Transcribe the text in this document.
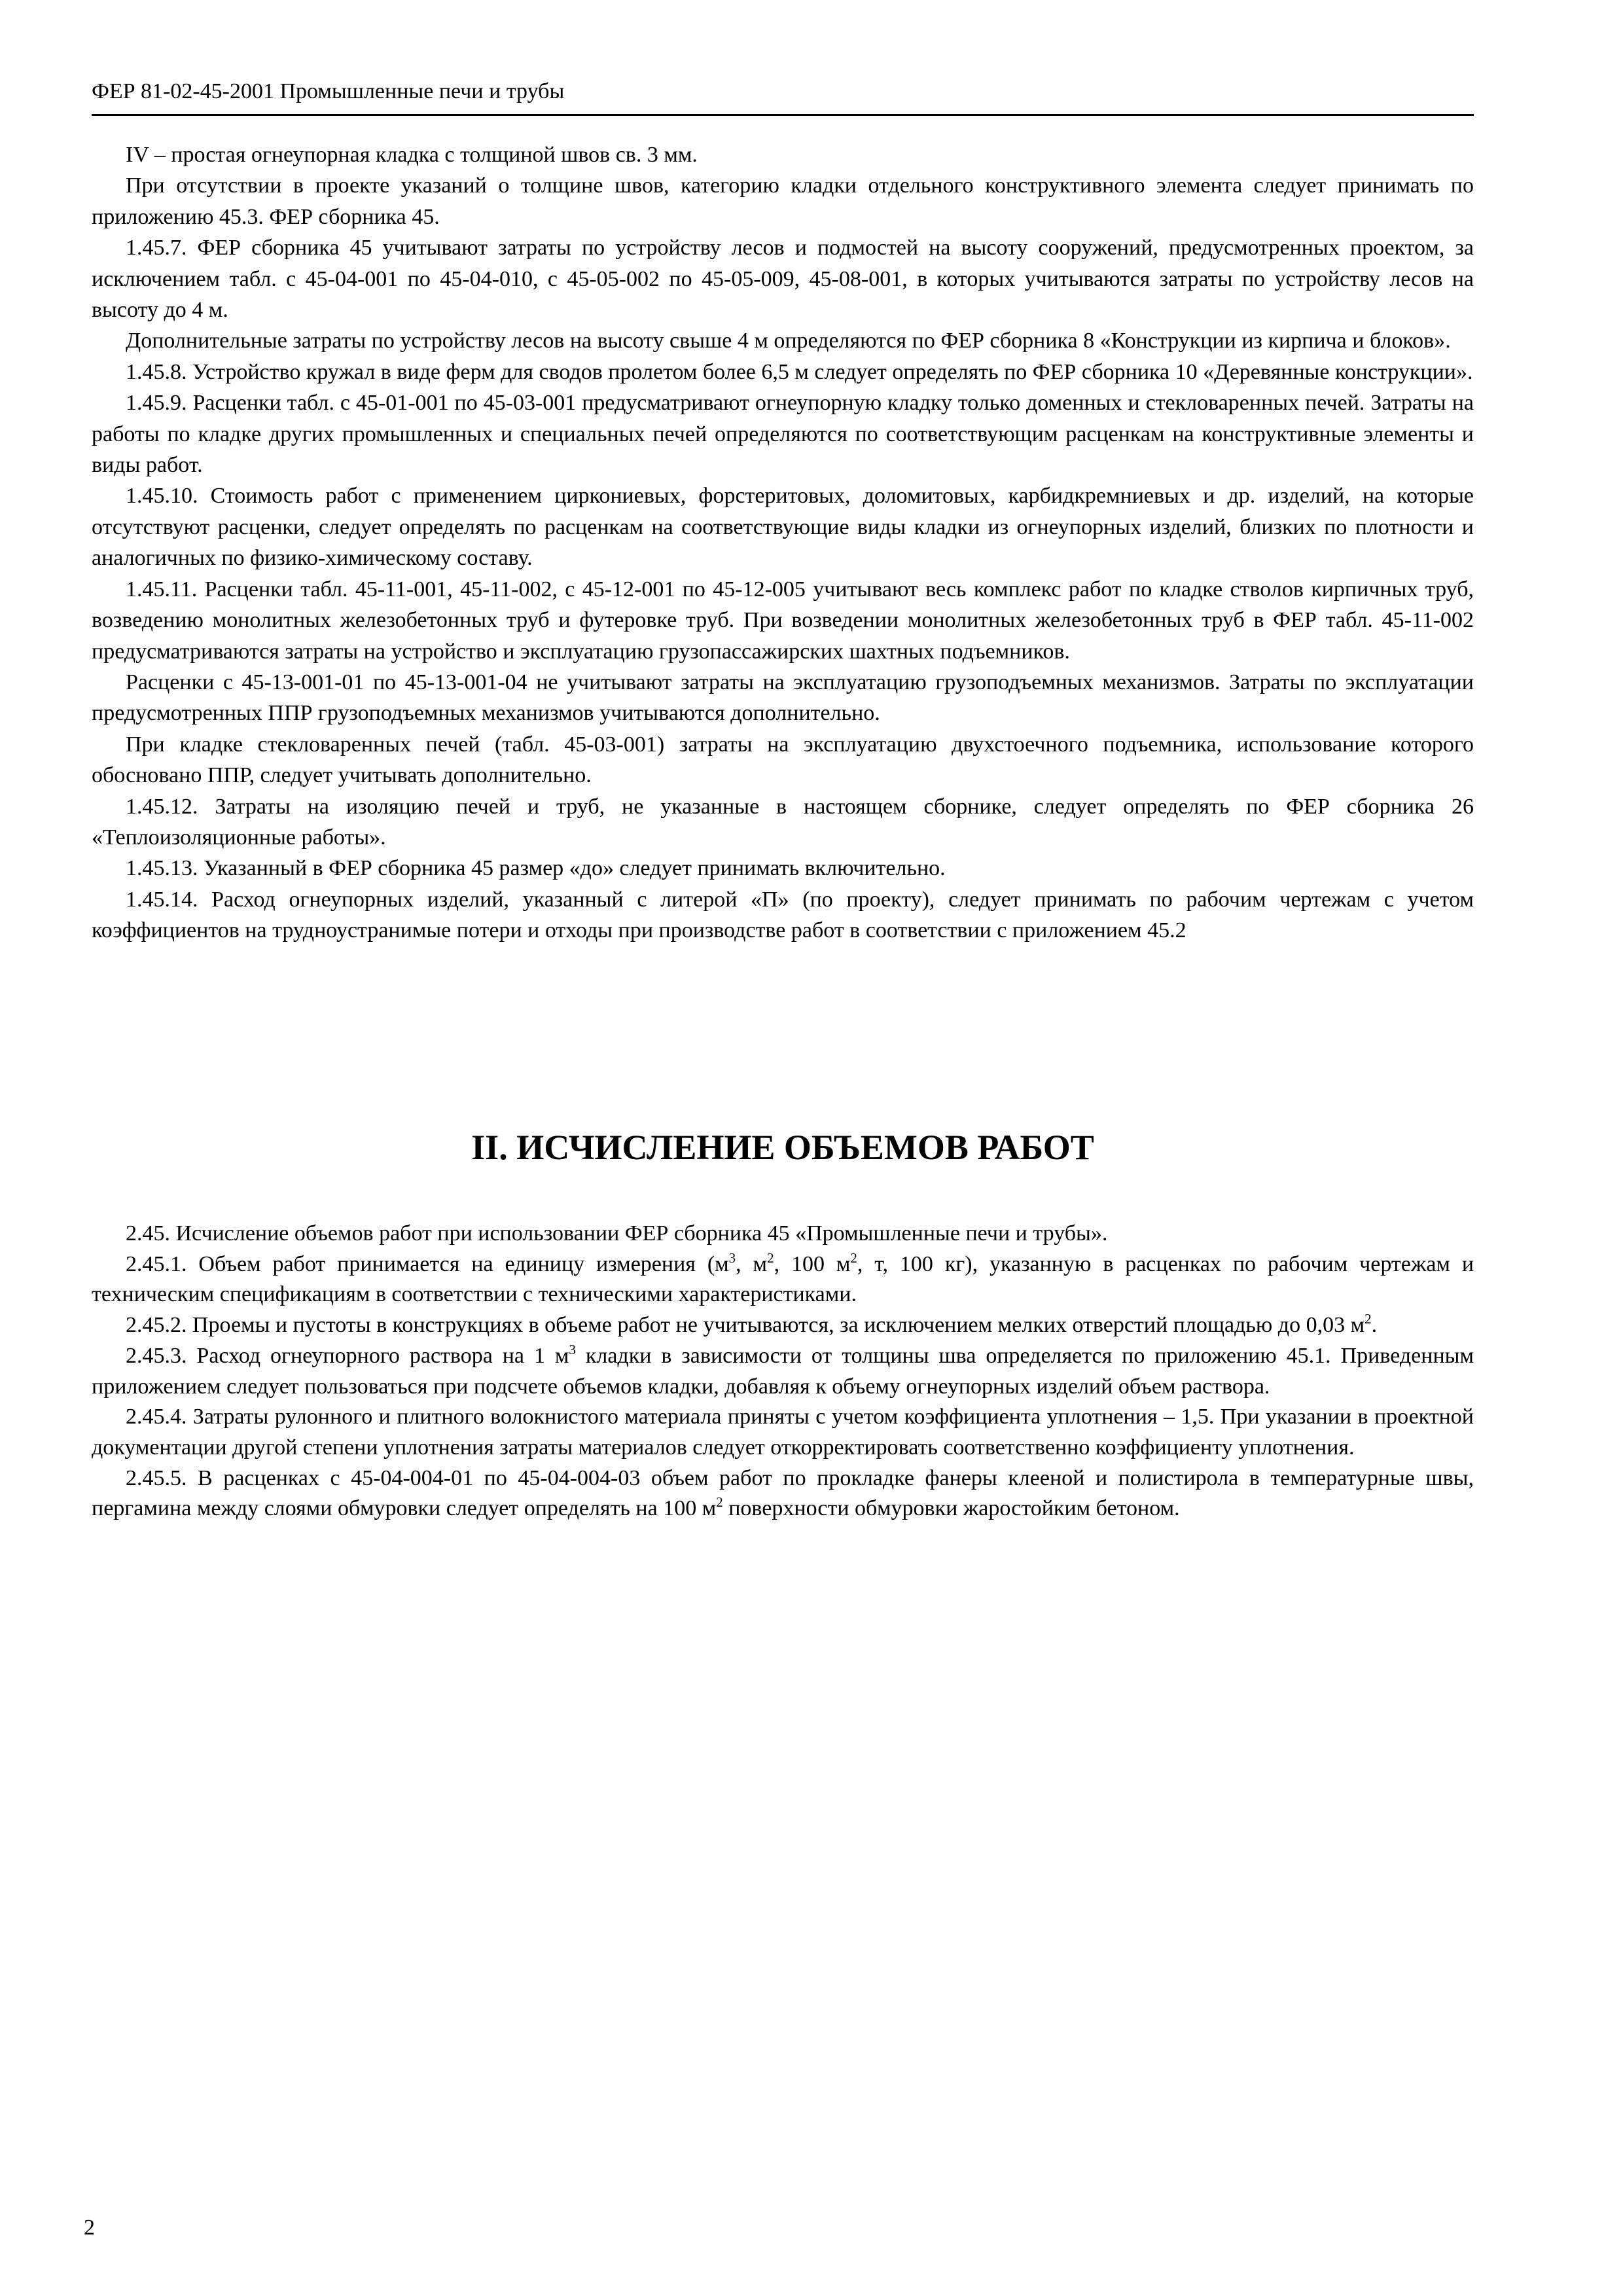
ФЕР 81-02-45-2001 Промышленные печи и трубы

IV – простая огнеупорная кладка с толщиной швов св. 3 мм.

При отсутствии в проекте указаний о толщине швов, категорию кладки отдельного конструктивного элемента следует принимать по приложению 45.3. ФЕР сборника 45.

1.45.7. ФЕР сборника 45 учитывают затраты по устройству лесов и подмостей на высоту сооружений, предусмотренных проектом, за исключением табл. с 45-04-001 по 45-04-010, с 45-05-002 по 45-05-009, 45-08-001, в которых учитываются затраты по устройству лесов на высоту до 4 м.

Дополнительные затраты по устройству лесов на высоту свыше 4 м определяются по ФЕР сборника 8 «Конструкции из кирпича и блоков».

1.45.8. Устройство кружал в виде ферм для сводов пролетом более 6,5 м следует определять по ФЕР сборника 10 «Деревянные конструкции».

1.45.9. Расценки табл. с 45-01-001 по 45-03-001 предусматривают огнеупорную кладку только доменных и стекловаренных печей. Затраты на работы по кладке других промышленных и специальных печей определяются по соответствующим расценкам на конструктивные элементы и виды работ.

1.45.10. Стоимость работ с применением циркониевых, форстеритовых, доломитовых, карбидкремниевых и др. изделий, на которые отсутствуют расценки, следует определять по расценкам на соответствующие виды кладки из огнеупорных изделий, близких по плотности и аналогичных по физико-химическому составу.

1.45.11. Расценки табл. 45-11-001, 45-11-002, с 45-12-001 по 45-12-005 учитывают весь комплекс работ по кладке стволов кирпичных труб, возведению монолитных железобетонных труб и футеровке труб. При возведении монолитных железобетонных труб в ФЕР табл. 45-11-002 предусматриваются затраты на устройство и эксплуатацию грузопассажирских шахтных подъемников.

Расценки с 45-13-001-01 по 45-13-001-04 не учитывают затраты на эксплуатацию грузоподъемных механизмов. Затраты по эксплуатации предусмотренных ППР грузоподъемных механизмов учитываются дополнительно.

При кладке стекловаренных печей (табл. 45-03-001) затраты на эксплуатацию двухстоечного подъемника, использование которого обосновано ППР, следует учитывать дополнительно.

1.45.12. Затраты на изоляцию печей и труб, не указанные в настоящем сборнике, следует определять по ФЕР сборника 26 «Теплоизоляционные работы».

1.45.13. Указанный в ФЕР сборника 45 размер «до» следует принимать включительно.

1.45.14. Расход огнеупорных изделий, указанный с литерой «П» (по проекту), следует принимать по рабочим чертежам с учетом коэффициентов на трудноустранимые потери и отходы при производстве работ в соответствии с приложением 45.2

II. ИСЧИСЛЕНИЕ ОБЪЕМОВ РАБОТ

2.45. Исчисление объемов работ при использовании ФЕР сборника 45 «Промышленные печи и трубы».

2.45.1. Объем работ принимается на единицу измерения ($м^3$, $м^2$, 100 $м^2$, т, 100 кг), указанную в расценках по рабочим чертежам и техническим спецификациям в соответствии с техническими характеристиками.

2.45.2. Проемы и пустоты в конструкциях в объеме работ не учитываются, за исключением мелких отверстий площадью до 0,03 $м^2$.

2.45.3. Расход огнеупорного раствора на 1 $м^3$ кладки в зависимости от толщины шва определяется по приложению 45.1. Приведенным приложением следует пользоваться при подсчете объемов кладки, добавляя к объему огнеупорных изделий объем раствора.

2.45.4. Затраты рулонного и плитного волокнистого материала приняты с учетом коэффициента уплотнения – 1,5. При указании в проектной документации другой степени уплотнения затраты материалов следует откорректировать соответственно коэффициенту уплотнения.

2.45.5. В расценках с 45-04-004-01 по 45-04-004-03 объем работ по прокладке фанеры клееной и полистирола в температурные швы, пергамина между слоями обмуровки следует определять на 100 $м^2$ поверхности обмуровки жаростойким бетоном.

2
